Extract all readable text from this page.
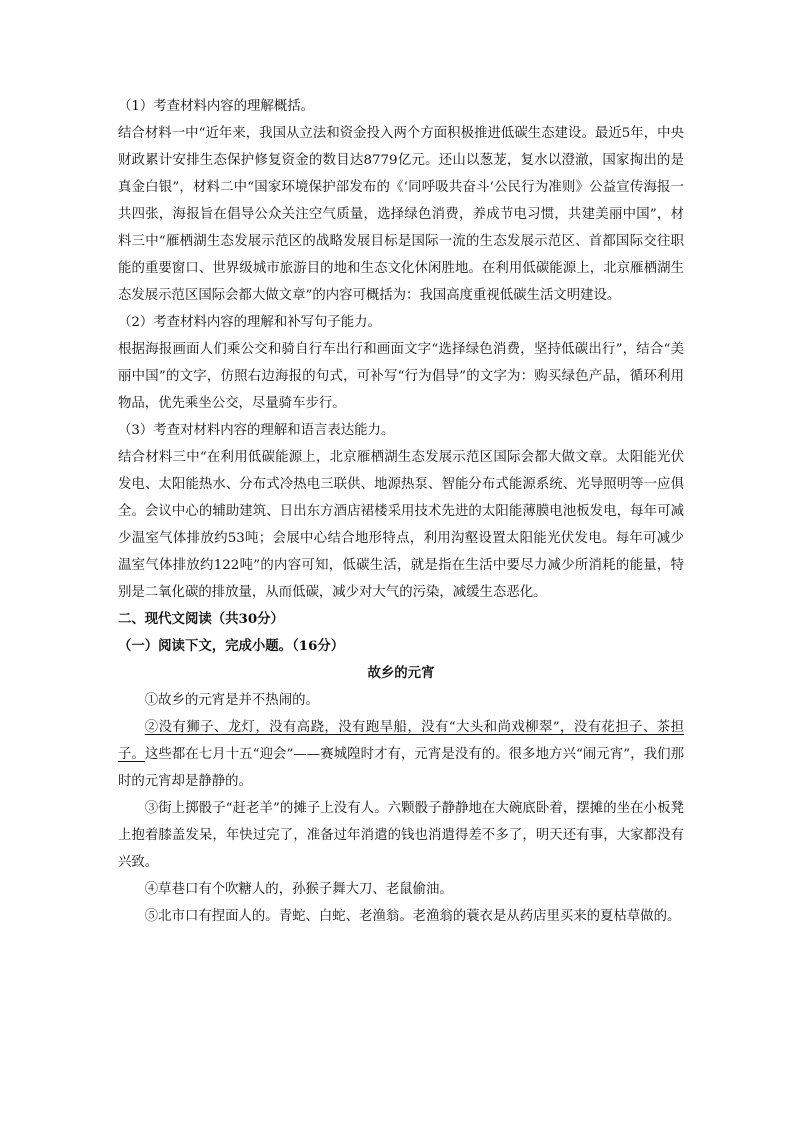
（1）考查材料内容的理解概括。

结合材料一中“近年来，我国从立法和资金投入两个方面积极推进低碳生态建设。最近5年，中央财政累计安排生态保护修复资金的数目达8779亿元。还山以葱茏，复水以澄澈，国家掏出的是真金白银”，材料二中“国家环境保护部发布的《‘同呼吸共奋斗’公民行为准则》公益宣传海报一共四张，海报旨在倡导公众关注空气质量，选择绿色消费，养成节电习惯，共建美丽中国”，材料三中“雁栖湖生态发展示范区的战略发展目标是国际一流的生态发展示范区、首都国际交往职能的重要窗口、世界级城市旅游目的地和生态文化休闲胜地。在利用低碳能源上，北京雁栖湖生态发展示范区国际会都大做文章”的内容可概括为：我国高度重视低碳生活文明建设。

（2）考查材料内容的理解和补写句子能力。

根据海报画面人们乘公交和骑自行车出行和画面文字“选择绿色消费，坚持低碳出行”，结合“美丽中国”的文字，仿照右边海报的句式，可补写“行为倡导”的文字为：购买绿色产品，循环利用物品，优先乘坐公交，尽量骑车步行。

（3）考查对材料内容的理解和语言表达能力。

结合材料三中“在利用低碳能源上，北京雁栖湖生态发展示范区国际会都大做文章。太阳能光伏发电、太阳能热水、分布式冷热电三联供、地源热泵、智能分布式能源系统、光导照明等一应俱全。会议中心的辅助建筑、日出东方酒店裙楼采用技术先进的太阳能薄膜电池板发电，每年可减少温室气体排放约53吨；会展中心结合地形特点，利用沟壑设置太阳能光伏发电。每年可减少温室气体排放约122吨”的内容可知，低碳生活，就是指在生活中要尽力减少所消耗的能量，特别是二氧化碳的排放量，从而低碳，减少对大气的污染，减缓生态恶化。

二、现代文阅读（共30分）

（一）阅读下文，完成小题。（16分）

故乡的元宵

①故乡的元宵是并不热闹的。

②没有狮子、龙灯，没有高跷，没有跑旱船，没有“大头和尚戏柳翠”，没有花担子、茶担子。这些都在七月十五“迎会”——赛城隍时才有，元宵是没有的。很多地方兴“闹元宵”，我们那时的元宵却是静静的。

③街上掷骰子“赶老羊”的摊子上没有人。六颗骰子静静地在大碗底卧着，摆摊的坐在小板凳上抱着膝盖发呆，年快过完了，准备过年消遣的钱也消遣得差不多了，明天还有事，大家都没有兴致。

④草巷口有个吹糖人的，孙猴子舞大刀、老鼠偷油。

⑤北市口有捏面人的。青蛇、白蛇、老渔翁。老渔翁的蓑衣是从药店里买来的夏枯草做的。
